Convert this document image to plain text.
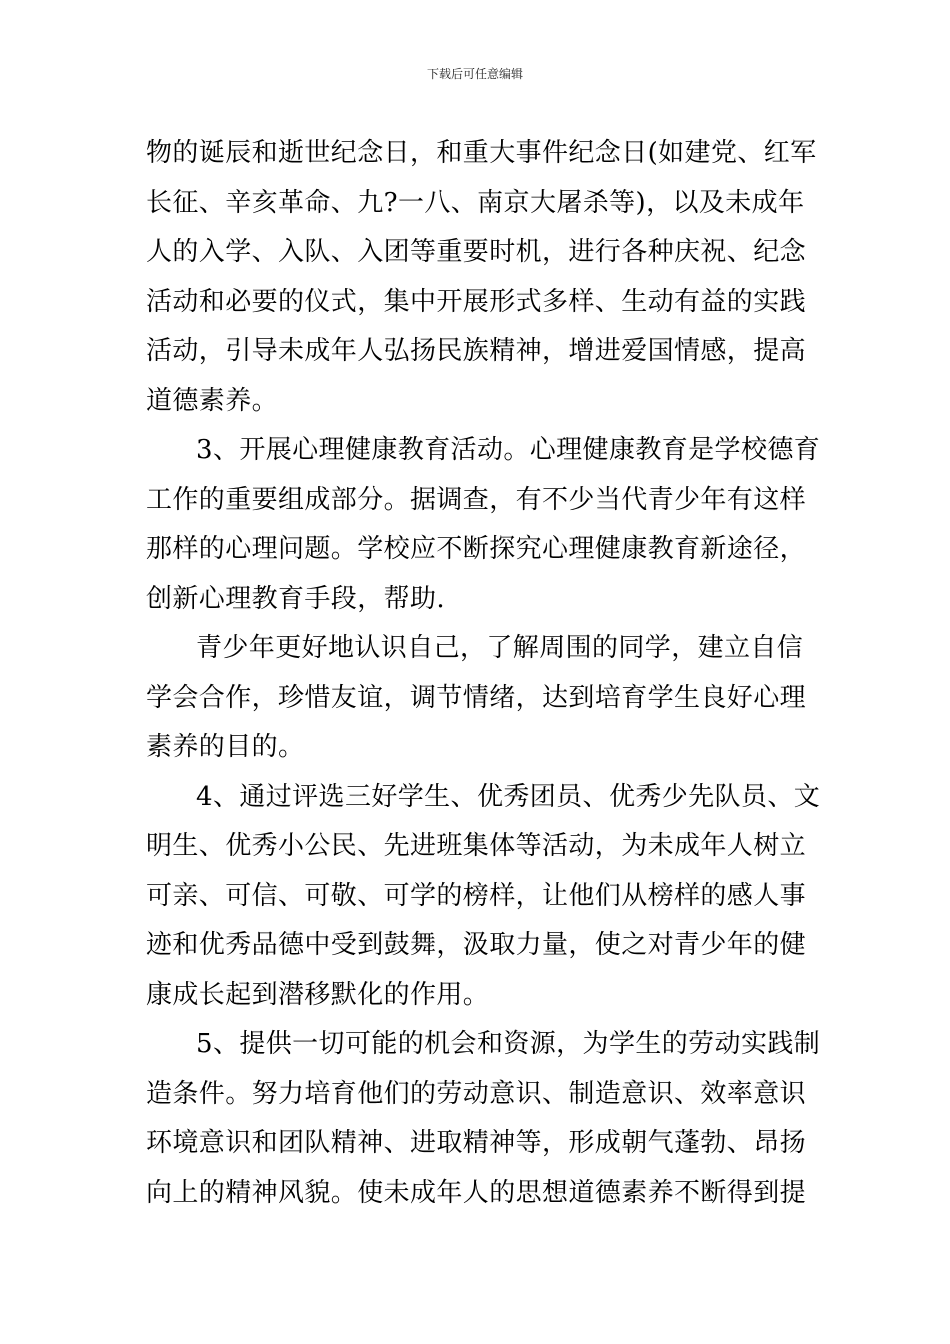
下载后可任意编辑
物的诞辰和逝世纪念日，和重大事件纪念日(如建党、红军
长征、辛亥革命、九?一八、南京大屠杀等)，以及未成年
人的入学、入队、入团等重要时机，进行各种庆祝、纪念
活动和必要的仪式，集中开展形式多样、生动有益的实践
活动，引导未成年人弘扬民族精神，增进爱国情感，提高
道德素养。
3、开展心理健康教育活动。心理健康教育是学校德育
工作的重要组成部分。据调查，有不少当代青少年有这样
那样的心理问题。学校应不断探究心理健康教育新途径，
创新心理教育手段，帮助.
青少年更好地认识自己，了解周围的同学，建立自信
学会合作，珍惜友谊，调节情绪，达到培育学生良好心理
素养的目的。
4、通过评选三好学生、优秀团员、优秀少先队员、文
明生、优秀小公民、先进班集体等活动，为未成年人树立
可亲、可信、可敬、可学的榜样，让他们从榜样的感人事
迹和优秀品德中受到鼓舞，汲取力量，使之对青少年的健
康成长起到潜移默化的作用。
5、提供一切可能的机会和资源，为学生的劳动实践制
造条件。努力培育他们的劳动意识、制造意识、效率意识
环境意识和团队精神、进取精神等，形成朝气蓬勃、昂扬
向上的精神风貌。使未成年人的思想道德素养不断得到提
